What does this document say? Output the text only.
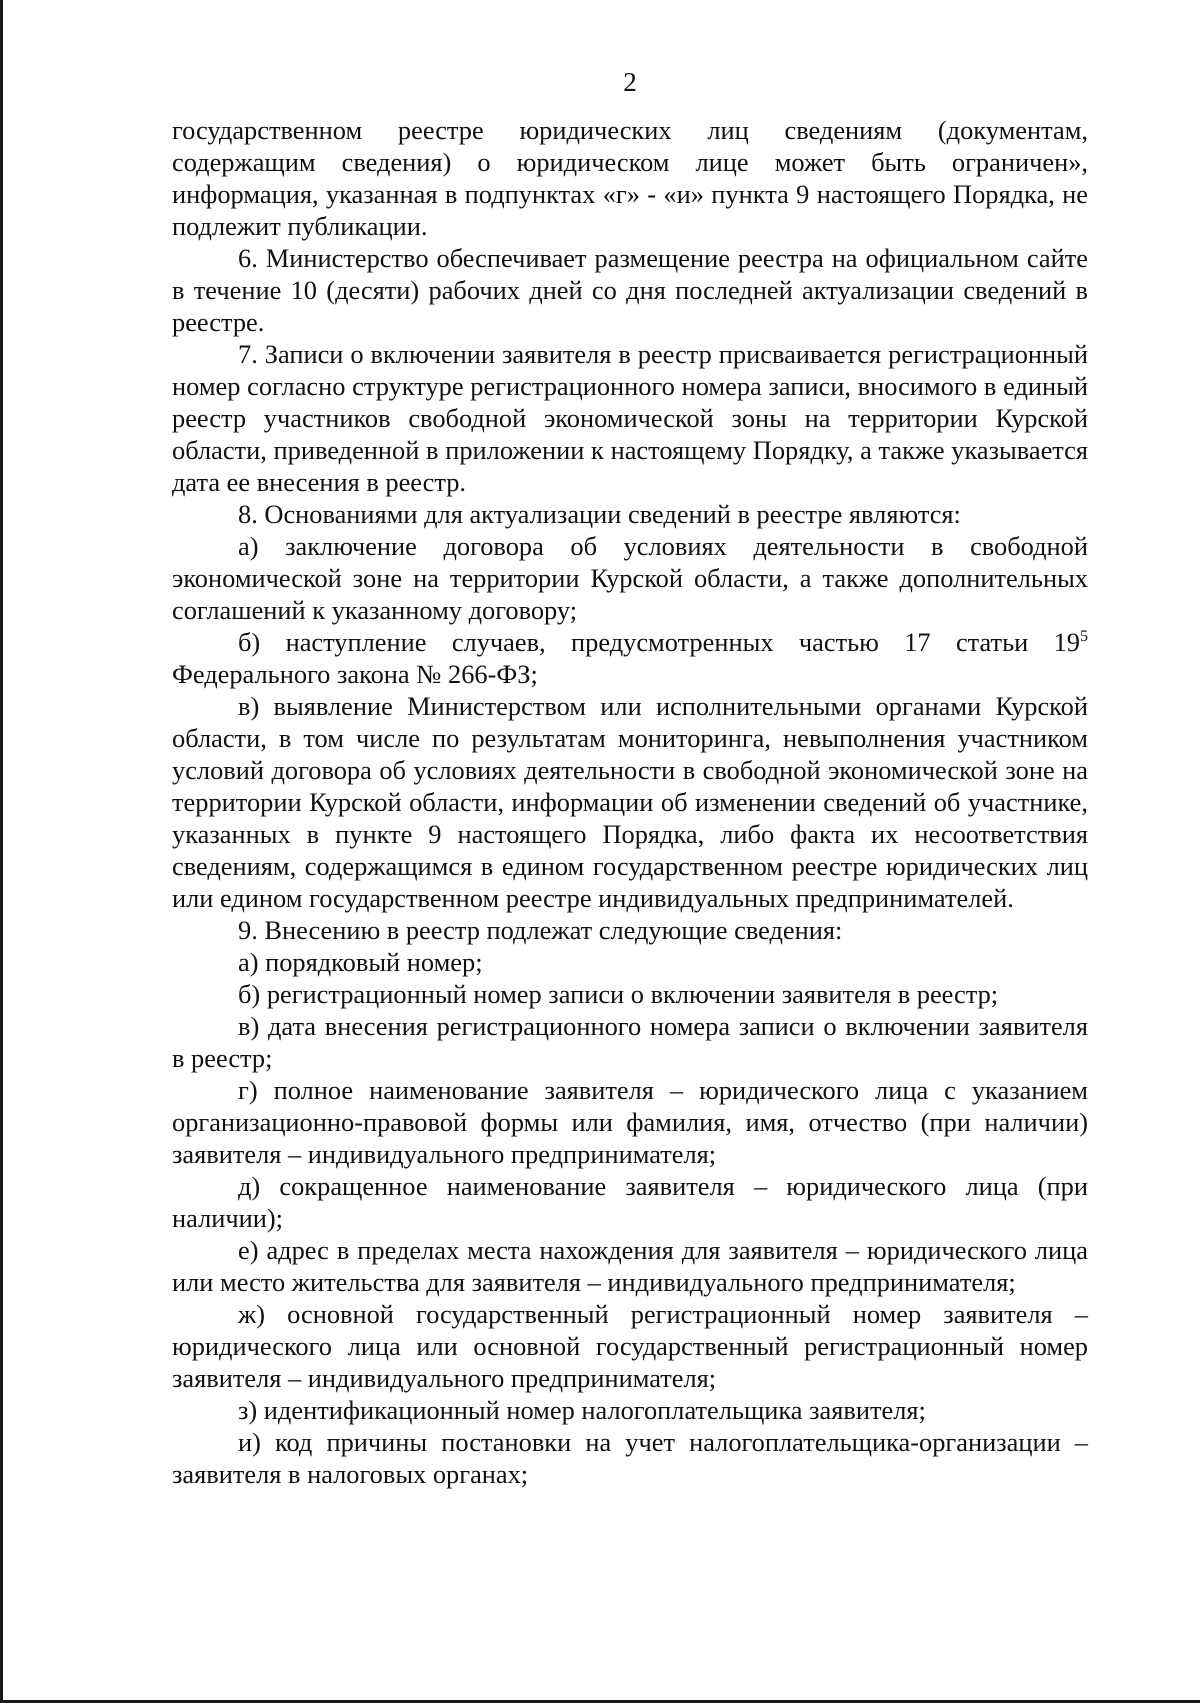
2

государственном реестре юридических лиц сведениям (документам, содержащим сведения) о юридическом лице может быть ограничен», информация, указанная в подпунктах «г» - «и» пункта 9 настоящего Порядка, не подлежит публикации.

6. Министерство обеспечивает размещение реестра на официальном сайте в течение 10 (десяти) рабочих дней со дня последней актуализации сведений в реестре.

7. Записи о включении заявителя в реестр присваивается регистрационный номер согласно структуре регистрационного номера записи, вносимого в единый реестр участников свободной экономической зоны на территории Курской области, приведенной в приложении к настоящему Порядку, а также указывается дата ее внесения в реестр.

8. Основаниями для актуализации сведений в реестре являются:

а) заключение договора об условиях деятельности в свободной экономической зоне на территории Курской области, а также дополнительных соглашений к указанному договору;

б) наступление случаев, предусмотренных частью 17 статьи $19^5$ Федерального закона № 266-ФЗ;

в) выявление Министерством или исполнительными органами Курской области, в том числе по результатам мониторинга, невыполнения участником условий договора об условиях деятельности в свободной экономической зоне на территории Курской области, информации об изменении сведений об участнике, указанных в пункте 9 настоящего Порядка, либо факта их несоответствия сведениям, содержащимся в едином государственном реестре юридических лиц или едином государственном реестре индивидуальных предпринимателей.

9. Внесению в реестр подлежат следующие сведения:

а) порядковый номер;

б) регистрационный номер записи о включении заявителя в реестр;

в) дата внесения регистрационного номера записи о включении заявителя в реестр;

г) полное наименование заявителя – юридического лица с указанием организационно-правовой формы или фамилия, имя, отчество (при наличии) заявителя – индивидуального предпринимателя;

д) сокращенное наименование заявителя – юридического лица (при наличии);

е) адрес в пределах места нахождения для заявителя – юридического лица или место жительства для заявителя – индивидуального предпринимателя;

ж) основной государственный регистрационный номер заявителя – юридического лица или основной государственный регистрационный номер заявителя – индивидуального предпринимателя;

з) идентификационный номер налогоплательщика заявителя;

и) код причины постановки на учет налогоплательщика-организации – заявителя в налоговых органах;
